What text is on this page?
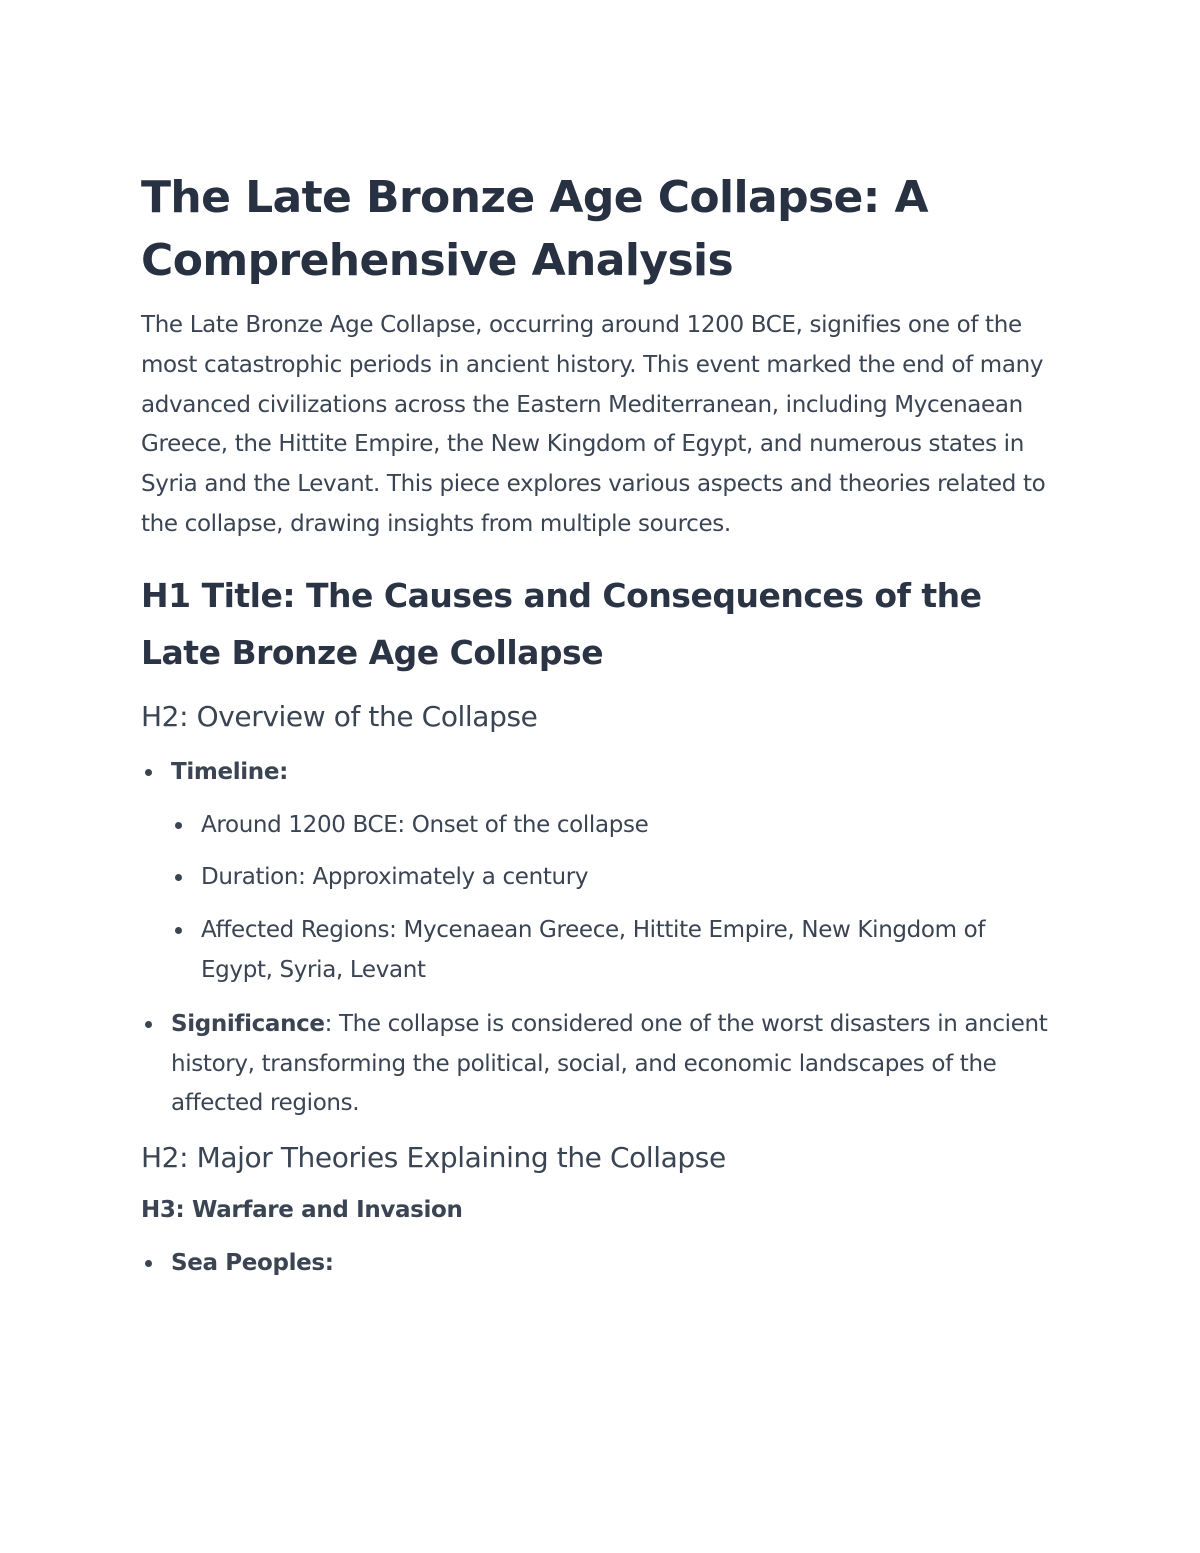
The Late Bronze Age Collapse: A Comprehensive Analysis

The Late Bronze Age Collapse, occurring around 1200 BCE, signifies one of the most catastrophic periods in ancient history. This event marked the end of many advanced civilizations across the Eastern Mediterranean, including Mycenaean Greece, the Hittite Empire, the New Kingdom of Egypt, and numerous states in Syria and the Levant. This piece explores various aspects and theories related to the collapse, drawing insights from multiple sources.

H1 Title: The Causes and Consequences of the Late Bronze Age Collapse
H2: Overview of the Collapse
Timeline:
Around 1200 BCE: Onset of the collapse
Duration: Approximately a century
Affected Regions: Mycenaean Greece, Hittite Empire, New Kingdom of Egypt, Syria, Levant
Significance: The collapse is considered one of the worst disasters in ancient history, transforming the political, social, and economic landscapes of the affected regions.
H2: Major Theories Explaining the Collapse
H3: Warfare and Invasion
Sea Peoples:
